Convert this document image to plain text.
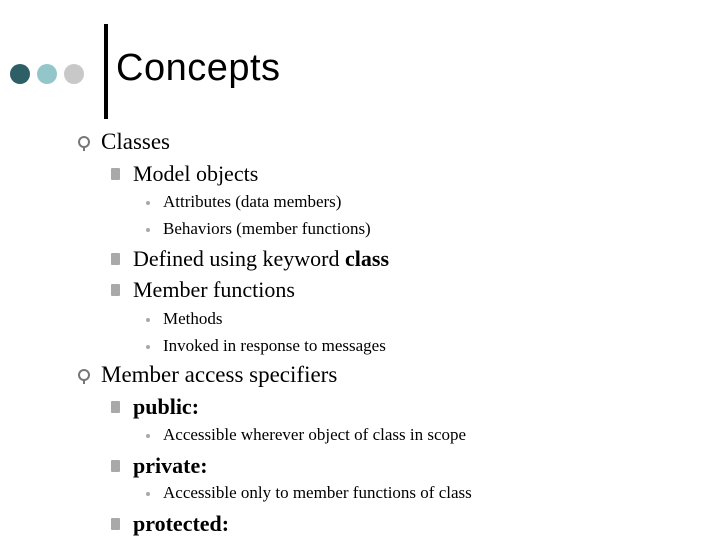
Concepts
Classes
Model objects
Attributes (data members)
Behaviors (member functions)
Defined using keyword class
Member functions
Methods
Invoked in response to messages
Member access specifiers
public:
Accessible wherever object of class in scope
private:
Accessible only to member functions of class
protected:
